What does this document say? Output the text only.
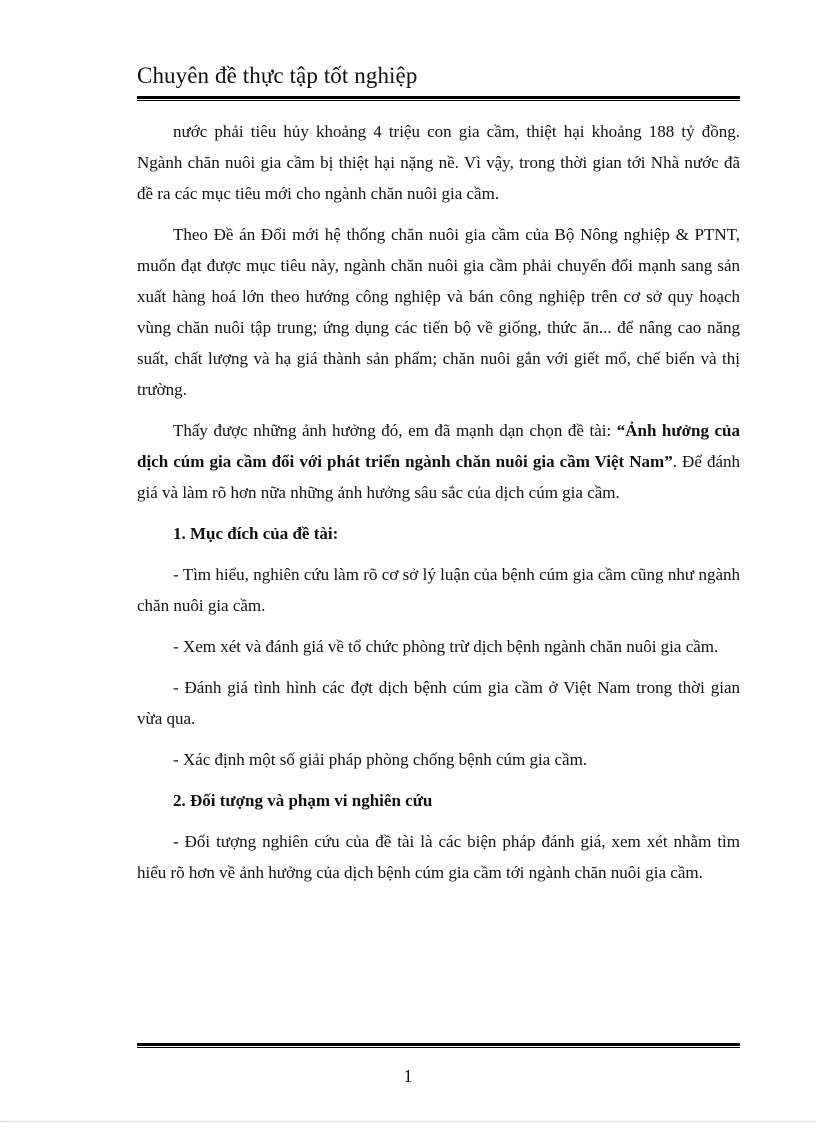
Chuyên đề thực tập tốt nghiệp

nước phải tiêu hủy khoảng 4 triệu con gia cầm, thiệt hại khoảng 188 tỷ đồng. Ngành chăn nuôi gia cầm bị thiệt hại nặng nề. Vì vậy, trong thời gian tới Nhà nước đã đề ra các mục tiêu mới cho ngành chăn nuôi gia cầm.

Theo Đề án Đổi mới hệ thống chăn nuôi gia cầm của Bộ Nông nghiệp & PTNT, muốn đạt được mục tiêu này, ngành chăn nuôi gia cầm phải chuyển đổi mạnh sang sản xuất hàng hoá lớn theo hướng công nghiệp và bán công nghiệp trên cơ sở quy hoạch vùng chăn nuôi tập trung; ứng dụng các tiến bộ về giống, thức ăn... để nâng cao năng suất, chất lượng và hạ giá thành sản phẩm; chăn nuôi gắn với giết mổ, chế biến và thị trường.

Thấy được những ảnh hưởng đó, em đã mạnh dạn chọn đề tài: “Ảnh hưởng của dịch cúm gia cầm đối với phát triển ngành chăn nuôi gia cầm Việt Nam”. Để đánh giá và làm rõ hơn nữa những ảnh hưởng sâu sắc của dịch cúm gia cầm.

1. Mục đích của đề tài:

- Tìm hiểu, nghiên cứu làm rõ cơ sở lý luận của bệnh cúm gia cầm cũng như ngành chăn nuôi gia cầm.

- Xem xét và đánh giá về tổ chức phòng trừ dịch bệnh ngành chăn nuôi gia cầm.

- Đánh giá tình hình các đợt dịch bệnh cúm gia cầm ở Việt Nam trong thời gian vừa qua.

- Xác định một số giải pháp phòng chống bệnh cúm gia cầm.

2. Đối tượng và phạm vi nghiên cứu

- Đối tượng nghiên cứu của đề tài là các biện pháp đánh giá, xem xét nhằm tìm hiểu rõ hơn về ảnh hưởng của dịch bệnh cúm gia cầm tới ngành chăn nuôi gia cầm.

1
